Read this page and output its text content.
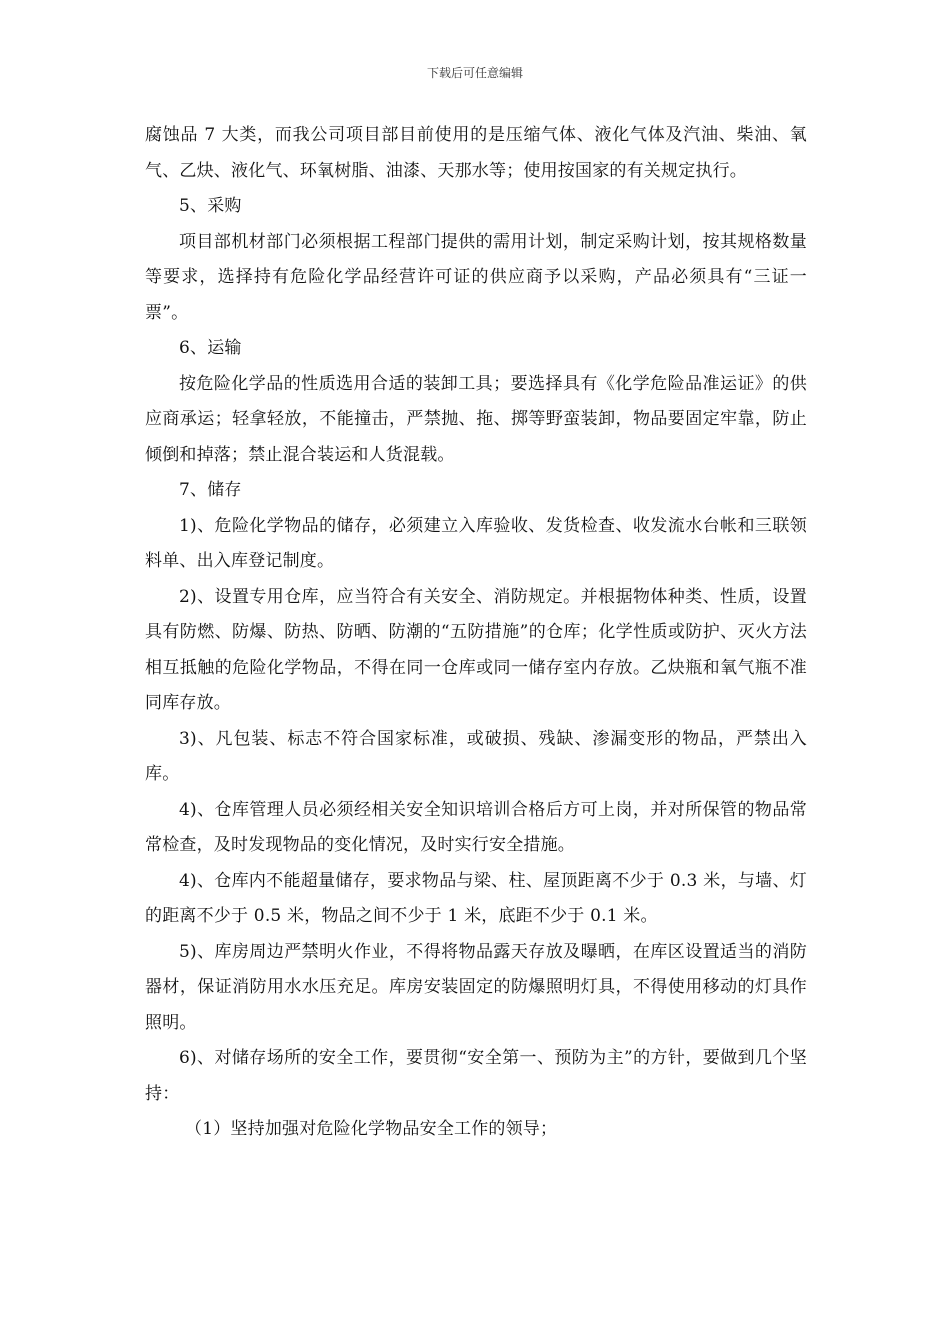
下载后可任意编辑

腐蚀品 7 大类，而我公司项目部目前使用的是压缩气体、液化气体及汽油、柴油、氧气、乙炔、液化气、环氧树脂、油漆、天那水等；使用按国家的有关规定执行。

5、采购

项目部机材部门必须根据工程部门提供的需用计划，制定采购计划，按其规格数量等要求，选择持有危险化学品经营许可证的供应商予以采购，产品必须具有“三证一票”。

6、运输

按危险化学品的性质选用合适的装卸工具；要选择具有《化学危险品准运证》的供应商承运；轻拿轻放，不能撞击，严禁抛、拖、掷等野蛮装卸，物品要固定牢靠，防止倾倒和掉落；禁止混合装运和人货混载。

7、储存

1)、危险化学物品的储存，必须建立入库验收、发货检查、收发流水台帐和三联领料单、出入库登记制度。

2)、设置专用仓库，应当符合有关安全、消防规定。并根据物体种类、性质，设置具有防燃、防爆、防热、防晒、防潮的“五防措施”的仓库；化学性质或防护、灭火方法相互抵触的危险化学物品，不得在同一仓库或同一储存室内存放。乙炔瓶和氧气瓶不准同库存放。

3)、凡包装、标志不符合国家标准，或破损、残缺、渗漏变形的物品，严禁出入库。

4)、仓库管理人员必须经相关安全知识培训合格后方可上岗，并对所保管的物品常常检查，及时发现物品的变化情况，及时实行安全措施。

4)、仓库内不能超量储存，要求物品与梁、柱、屋顶距离不少于 0.3 米，与墙、灯的距离不少于 0.5 米，物品之间不少于 1 米，底距不少于 0.1 米。

5)、库房周边严禁明火作业，不得将物品露天存放及曝晒，在库区设置适当的消防器材，保证消防用水水压充足。库房安装固定的防爆照明灯具，不得使用移动的灯具作照明。

6)、对储存场所的安全工作，要贯彻“安全第一、预防为主”的方针，要做到几个坚持：

（1）坚持加强对危险化学物品安全工作的领导；
